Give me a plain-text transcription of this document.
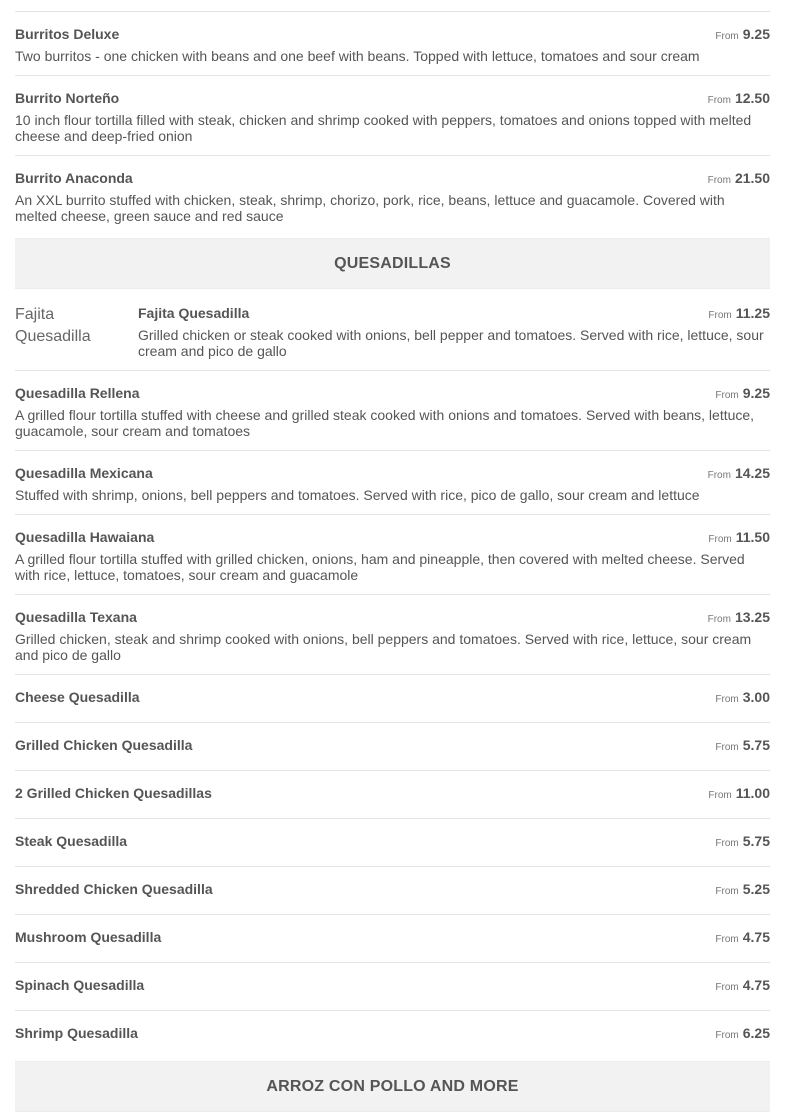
Burritos Deluxe	From 9.25
Two burritos - one chicken with beans and one beef with beans. Topped with lettuce, tomatoes and sour cream
Burrito Norteño	From 12.50
10 inch flour tortilla filled with steak, chicken and shrimp cooked with peppers, tomatoes and onions topped with melted cheese and deep-fried onion
Burrito Anaconda	From 21.50
An XXL burrito stuffed with chicken, steak, shrimp, chorizo, pork, rice, beans, lettuce and guacamole. Covered with melted cheese, green sauce and red sauce
QUESADILLAS
Fajita Quesadilla
Fajita Quesadilla	From 11.25
Grilled chicken or steak cooked with onions, bell pepper and tomatoes. Served with rice, lettuce, sour cream and pico de gallo
Quesadilla Rellena	From 9.25
A grilled flour tortilla stuffed with cheese and grilled steak cooked with onions and tomatoes. Served with beans, lettuce, guacamole, sour cream and tomatoes
Quesadilla Mexicana	From 14.25
Stuffed with shrimp, onions, bell peppers and tomatoes. Served with rice, pico de gallo, sour cream and lettuce
Quesadilla Hawaiana	From 11.50
A grilled flour tortilla stuffed with grilled chicken, onions, ham and pineapple, then covered with melted cheese. Served with rice, lettuce, tomatoes, sour cream and guacamole
Quesadilla Texana	From 13.25
Grilled chicken, steak and shrimp cooked with onions, bell peppers and tomatoes. Served with rice, lettuce, sour cream and pico de gallo
Cheese Quesadilla	From 3.00
Grilled Chicken Quesadilla	From 5.75
2 Grilled Chicken Quesadillas	From 11.00
Steak Quesadilla	From 5.75
Shredded Chicken Quesadilla	From 5.25
Mushroom Quesadilla	From 4.75
Spinach Quesadilla	From 4.75
Shrimp Quesadilla	From 6.25
ARROZ CON POLLO AND MORE
